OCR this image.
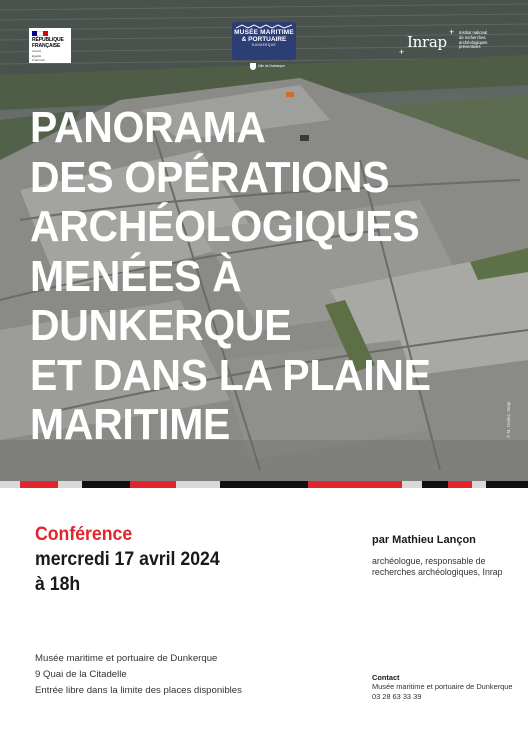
RÉPUBLIQUE
FRANÇAISE
Liberté
Égalité
Fraternité
MUSÉE MARITIME
& PORTUAIRE
DUNKERQUE
Ville de Dunkerque
+
+
Inrap
Institut national
de recherches
archéologiques
préventives
PANORAMA
DES OPÉRATIONS
ARCHÉOLOGIQUES
MENÉES À
DUNKERQUE
ET DANS LA PLAINE
MARITIME	© M. Duriez, Inrap
Conférence
mercredi 17 avril 2024
à 18h
par Mathieu Lançon
archéologue, responsable de
recherches archéologiques, Inrap
Musée maritime et portuaire de Dunkerque
9 Quai de la Citadelle
Entrée libre dans la limite des places disponibles
Contact
Musée maritime et portuaire de Dunkerque
03 28 63 33 39
